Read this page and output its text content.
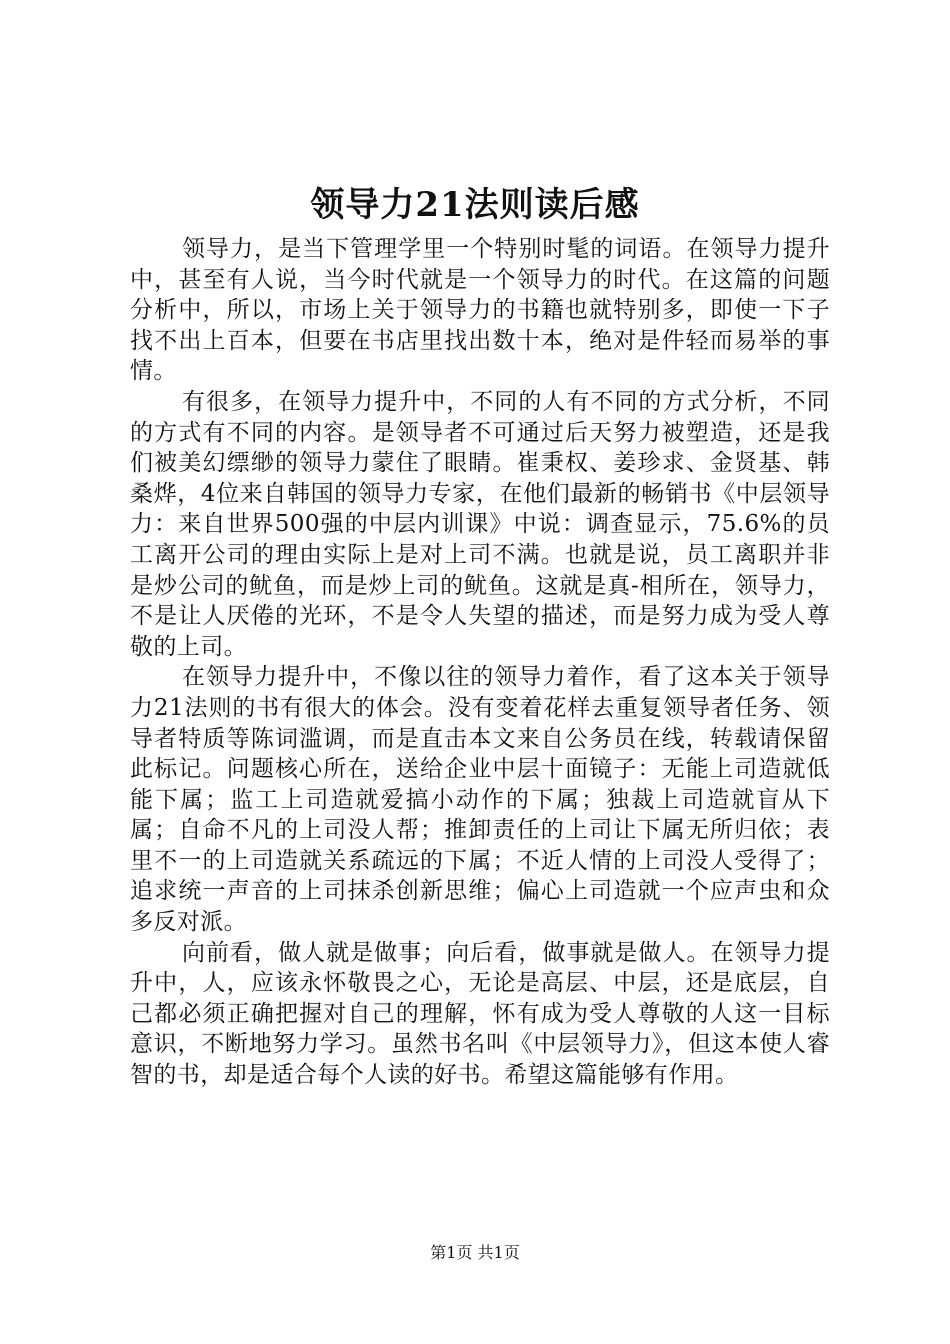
领导力21法则读后感

领导力，是当下管理学里一个特别时髦的词语。在领导力提升中，甚至有人说，当今时代就是一个领导力的时代。在这篇的问题分析中，所以，市场上关于领导力的书籍也就特别多，即使一下子找不出上百本，但要在书店里找出数十本，绝对是件轻而易举的事情。

有很多，在领导力提升中，不同的人有不同的方式分析，不同的方式有不同的内容。是领导者不可通过后天努力被塑造，还是我们被美幻缥缈的领导力蒙住了眼睛。崔秉权、姜珍求、金贤基、韩桑烨，4位来自韩国的领导力专家，在他们最新的畅销书《中层领导力：来自世界500强的中层内训课》中说：调查显示，75.6%的员工离开公司的理由实际上是对上司不满。也就是说，员工离职并非是炒公司的鱿鱼，而是炒上司的鱿鱼。这就是真-相所在，领导力，不是让人厌倦的光环，不是令人失望的描述，而是努力成为受人尊敬的上司。

在领导力提升中，不像以往的领导力着作，看了这本关于领导力21法则的书有很大的体会。没有变着花样去重复领导者任务、领导者特质等陈词滥调，而是直击本文来自公务员在线，转载请保留此标记。问题核心所在，送给企业中层十面镜子：无能上司造就低能下属；监工上司造就爱搞小动作的下属；独裁上司造就盲从下属；自命不凡的上司没人帮；推卸责任的上司让下属无所归依；表里不一的上司造就关系疏远的下属；不近人情的上司没人受得了；追求统一声音的上司抹杀创新思维；偏心上司造就一个应声虫和众多反对派。

向前看，做人就是做事；向后看，做事就是做人。在领导力提升中，人，应该永怀敬畏之心，无论是高层、中层，还是底层，自己都必须正确把握对自己的理解，怀有成为受人尊敬的人这一目标意识，不断地努力学习。虽然书名叫《中层领导力》，但这本使人睿智的书，却是适合每个人读的好书。希望这篇能够有作用。

第1页 共1页
